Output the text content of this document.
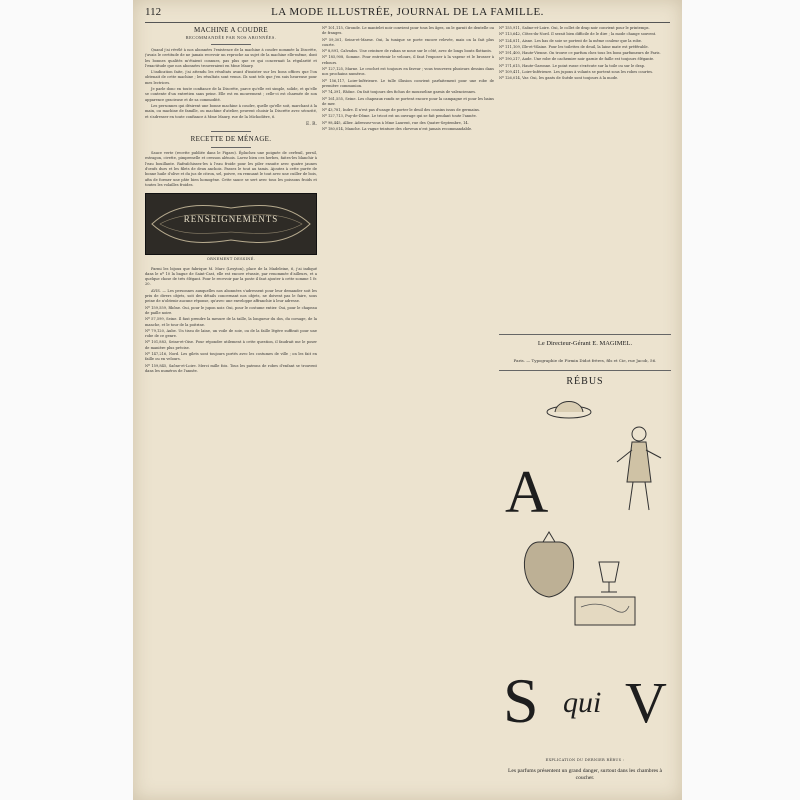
112	LA MODE ILLUSTRÉE, JOURNAL DE LA FAMILLE.
MACHINE A COUDRE
RECOMMANDÉE PAR NOS ABONNÉES.

Quand j'ai révélé à nos abonnées l'existence de la machine à coudre nommée la Discrète, j'avais le certitude de ne jamais recevoir un reproche au sujet de la machine elle-même, dont les bonnes qualités m'étaient connues, pas plus que ce qui concernait la régularité et l'exactitude que nos abonnées trouveraient en Mme Maury.

L'indication faite, j'ai attendu les résultats avant d'insister sur les bons offices que l'on obtenait de cette machine ; les résultats sont venus. Ils sont tels que j'en suis heureuse pour mes lectrices.

Je parle donc en toute confiance de la Discrète, parce qu'elle est simple, solide, et qu'elle se contente d'un entretien sans peine. Elle est en mouvement ; celle-ci est charmée de son apparence gracieuse et de sa commodité.

Les personnes qui désirent une bonne machine à coudre, quelle qu'elle soit, marchant à la main, ou machine de famille, ou machine d'atelier, peuvent choisir la Discrète avec sécurité, et s'adresser en toute confiance à Mme Maury, rue de la Michodière, 6.

E. R.
RECETTE DE MÉNAGE.

Sauce verte (recette publiée dans le Figaro). Épluchez une poignée de cerfeuil, persil, estragon, civette, pimprenelle et cresson alénois. Lavez bien ces herbes, faites-les blanchir à l'eau bouillante. Rafraîchissez-les à l'eau froide pour les piler ensuite avec quatre jaunes d'œufs durs et les filets de deux anchois. Passez le tout au tamis. Ajoutez à cette purée de bonne huile d'olive et du jus de citron, sel, poivre, en remuant le tout avec une cuiller de bois, afin de former une pâte bien homogène. Cette sauce se sert avec tous les poissons froids et toutes les volailles froides.

RENSEIGNEMENTS
ORNEMENT DESSINÉ.

Parmi les bijoux que fabrique M. Marc (Lesyton), place de la Madeleine, 6, j'ai indiqué dans le nº 10 la bague de Saint-Cast, elle est encore réussie, par renommée d'ailleurs, et a quelque chose de très élégant. Pour le recevoir par la poste il faut ajouter à cette somme 1 fr. 20.

AVIS. — Les personnes auxquelles nos abonnées s'adressent pour leur demander soit les prix de divers objets, soit des détails concernant nos objets, ne doivent pas le faire, sous peine de n'obtenir aucune réponse, qu'avec une enveloppe affranchie à leur adresse.

Nº 159,559, Rhône. Oui, pour le jupon noir. Oui, pour le costume entier. Oui, pour le chapeau de paille noire.

Nº 57,599, Seine. Il faut prendre la mesure de la taille, la longueur du dos, du corsage, de la manche, et le tour de la poitrine.

Nº 79,120, Aube. Un tissu de laine, un voile de soie, ou de la faille légère suffirait pour une robe de ce genre.

Nº 101,883, Seine-et-Oise. Pour répondre utilement à cette question, il faudrait me le poser de manière plus précise.

Nº 147,216, Nord. Les gilets sont toujours portés avec les costumes de ville ; on les fait en faille ou en velours.

Nº 159,845, Saône-et-Loire. Merci mille fois. Tous les patrons de robes d'enfant se trouvent dans les numéros de l'année.

Nº 101,115, Gironde. Le mantelet noir convient pour tous les âges, on le garnit de dentelle ou de franges.

Nº 59,301, Seine-et-Marne. Oui, la tunique se porte encore relevée, mais on la fait plus courte.

Nº 8,891, Calvados. Une ceinture de ruban se noue sur le côté, avec de longs bouts flottants.

Nº 185,908, Somme. Pour entretenir le velours, il faut l'exposer à la vapeur et le brosser à rebours.

Nº 127,125, Marne. Le crochet est toujours en faveur ; vous trouverez plusieurs dessins dans nos prochains numéros.

Nº 156,117, Loire-Inférieure. Le tulle illusion convient parfaitement pour une robe de première communion.

Nº 74,391, Rhône. On fait toujours des fichus de mousseline garnis de valenciennes.

Nº 161,555, Seine. Les chapeaux ronds se portent encore pour la campagne et pour les bains de mer.

Nº 43,781, Indre. Il n'est pas d'usage de porter le deuil des cousins issus de germains.

Nº 127,713, Puy-de-Dôme. Le tricot est un ouvrage qui se fait pendant toute l'année.

Nº 98,445, Allier. Adressez-vous à Mme Laurent, rue des Quatre-Septembre, 14.

Nº 180,014, Manche. La vague teinture des cheveux n'est jamais recommandable.

Nº 155,911, Saône-et-Loire. Oui, le collet de drap noir convient pour le printemps.

Nº 113,642, Côtes-du-Nord. Il serait bien difficile de le dire ; la mode change souvent.

Nº 124,811, Aisne. Les bas de soie se portent de la même couleur que la robe.

Nº 111,109, Ille-et-Vilaine. Pour les toilettes de deuil, la laine mate est préférable.

Nº 191,400, Haute-Vienne. On trouve ce parfum chez tous les bons parfumeurs de Paris.

Nº 190,217, Aude. Une robe de cachemire noir garnie de faille est toujours élégante.

Nº 171,615, Haute-Garonne. Le point russe s'exécute sur la toile ou sur le drap.

Nº 109,411, Loire-Inférieure. Les jupons à volants se portent sous les robes courtes.

Nº 126,014, Var. Oui, les gants de Suède sont toujours à la mode.

Le Directeur-Gérant E. MAGIMEL.
Paris. — Typographie de Firmin Didot frères, fils et Cie, rue Jacob, 56.
RÉBUS
A
S qui V
EXPLICATION DU DERNIER RÉBUS :
Les parfums présentent un grand danger, surtout dans les chambres à coucher.
